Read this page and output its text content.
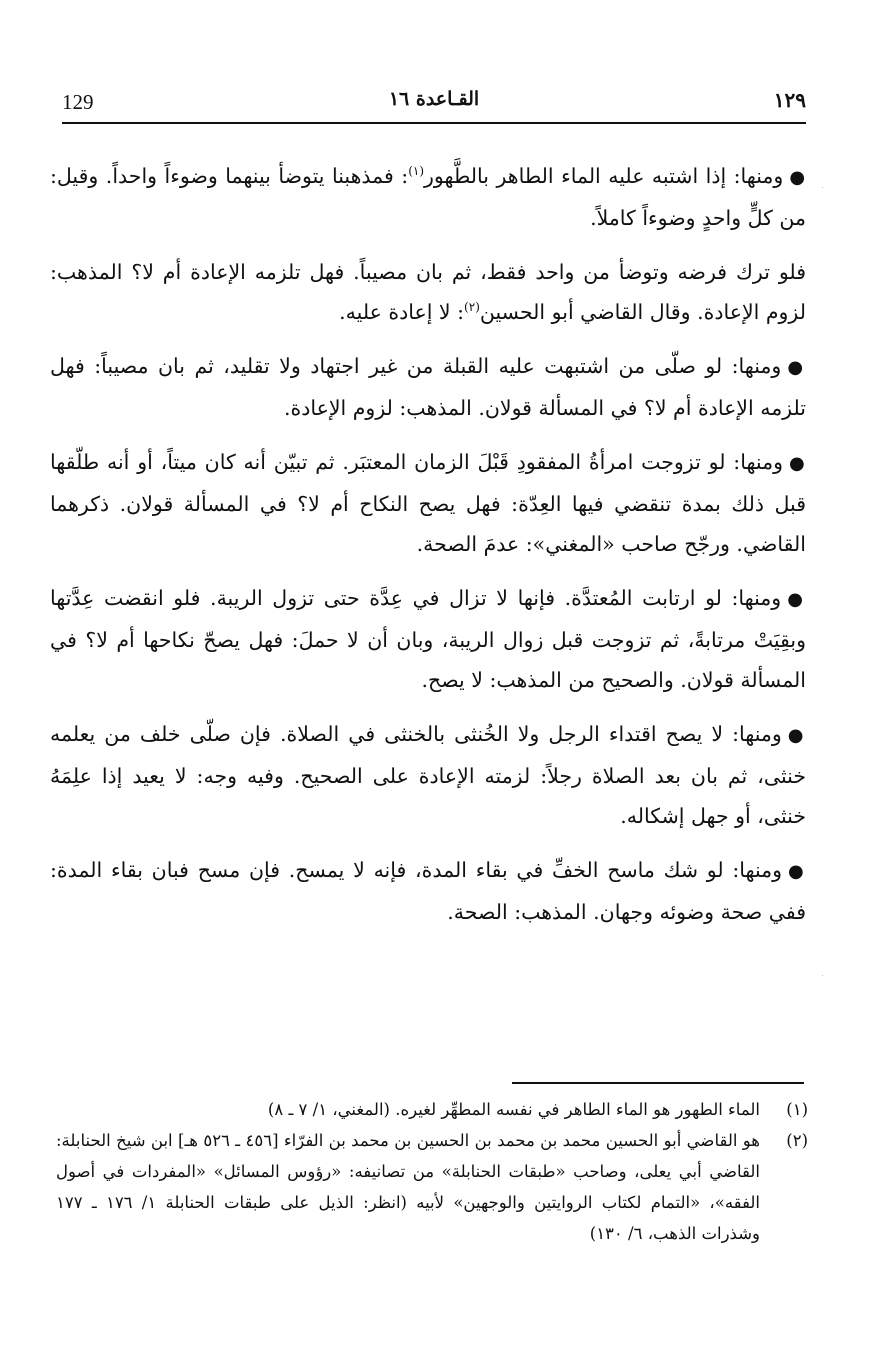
129	القـاعدة ١٦	١٢٩

●ومنها: إذا اشتبه عليه الماء الطاهر بالطَّهور$^{(١)}$: فمذهبنا يتوضأ بينهما وضوءاً واحداً. وقيل: من كلٍّ واحدٍ وضوءاً كاملاً.

فلو ترك فرضه وتوضأ من واحد فقط، ثم بان مصيباً. فهل تلزمه الإعادة أم لا؟ المذهب: لزوم الإعادة. وقال القاضي أبو الحسين$^{(٢)}$: لا إعادة عليه.

●ومنها: لو صلّى من اشتبهت عليه القبلة من غير اجتهاد ولا تقليد، ثم بان مصيباً: فهل تلزمه الإعادة أم لا؟ في المسألة قولان. المذهب: لزوم الإعادة.

●ومنها: لو تزوجت امرأةُ المفقودِ قَبْلَ الزمان المعتبَر. ثم تبيّن أنه كان ميتاً، أو أنه طلّقها قبل ذلك بمدة تنقضي فيها العِدّة: فهل يصح النكاح أم لا؟ في المسألة قولان. ذكرهما القاضي. ورجّح صاحب «المغني»: عدمَ الصحة.

●ومنها: لو ارتابت المُعتدَّة. فإنها لا تزال في عِدَّة حتى تزول الريبة. فلو انقضت عِدَّتها وبقِيَتْ مرتابةً، ثم تزوجت قبل زوال الريبة، وبان أن لا حملَ: فهل يصحّ نكاحها أم لا؟ في المسألة قولان. والصحيح من المذهب: لا يصح.

●ومنها: لا يصح اقتداء الرجل ولا الخُنثى بالخنثى في الصلاة. فإن صلّى خلف من يعلمه خنثى، ثم بان بعد الصلاة رجلاً: لزمته الإعادة على الصحيح. وفيه وجه: لا يعيد إذا علِمَهُ خنثى، أو جهل إشكاله.

●ومنها: لو شك ماسح الخفِّ في بقاء المدة، فإنه لا يمسح. فإن مسح فبان بقاء المدة: ففي صحة وضوئه وجهان. المذهب: الصحة.

(١)
الماء الطهور هو الماء الطاهر في نفسه المطهِّر لغيره. (المغني، ١/ ٧ ـ ٨)
(٢)
هو القاضي أبو الحسين محمد بن محمد بن الحسين بن محمد بن الفرّاء [٤٥٦ ـ ٥٢٦ هـ] ابن شيخ الحنابلة: القاضي أبي يعلى، وصاحب «طبقات الحنابلة» من تصانيفه: «رؤوس المسائل» «المفردات في أصول الفقه»، «التمام لكتاب الروايتين والوجهين» لأبيه (انظر: الذيل على طبقات الحنابلة ١/ ١٧٦ ـ ١٧٧ وشذرات الذهب، ٦/ ١٣٠)
